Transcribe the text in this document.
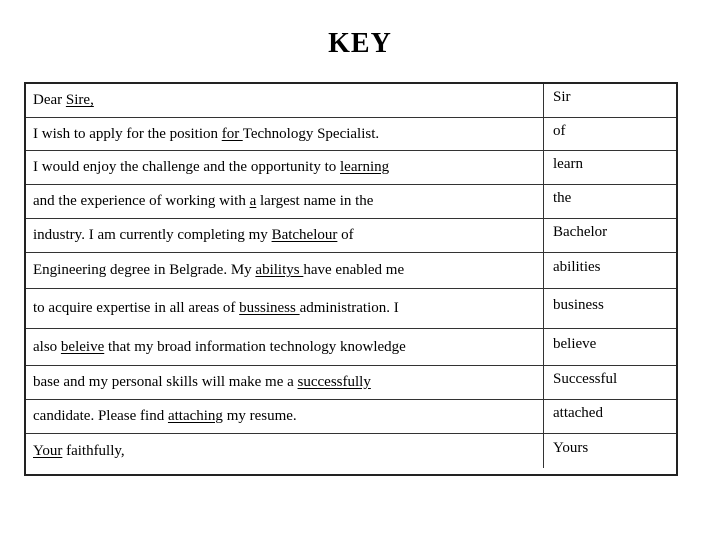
KEY
Dear Sire,	Sir
I wish to apply for the position for Technology Specialist.	of
I would enjoy the challenge and the opportunity to learning	learn
and the experience of working with a largest name in the	the
industry. I am currently completing my Batchelour of	Bachelor
Engineering degree in Belgrade. My abilitys have enabled me	abilities
to acquire expertise in all areas of bussiness administration. I	business
also beleive that my broad information technology knowledge	believe
base and my personal skills will make me a successfully	Successful
candidate. Please find attaching my resume.	attached
Your faithfully,	Yours
